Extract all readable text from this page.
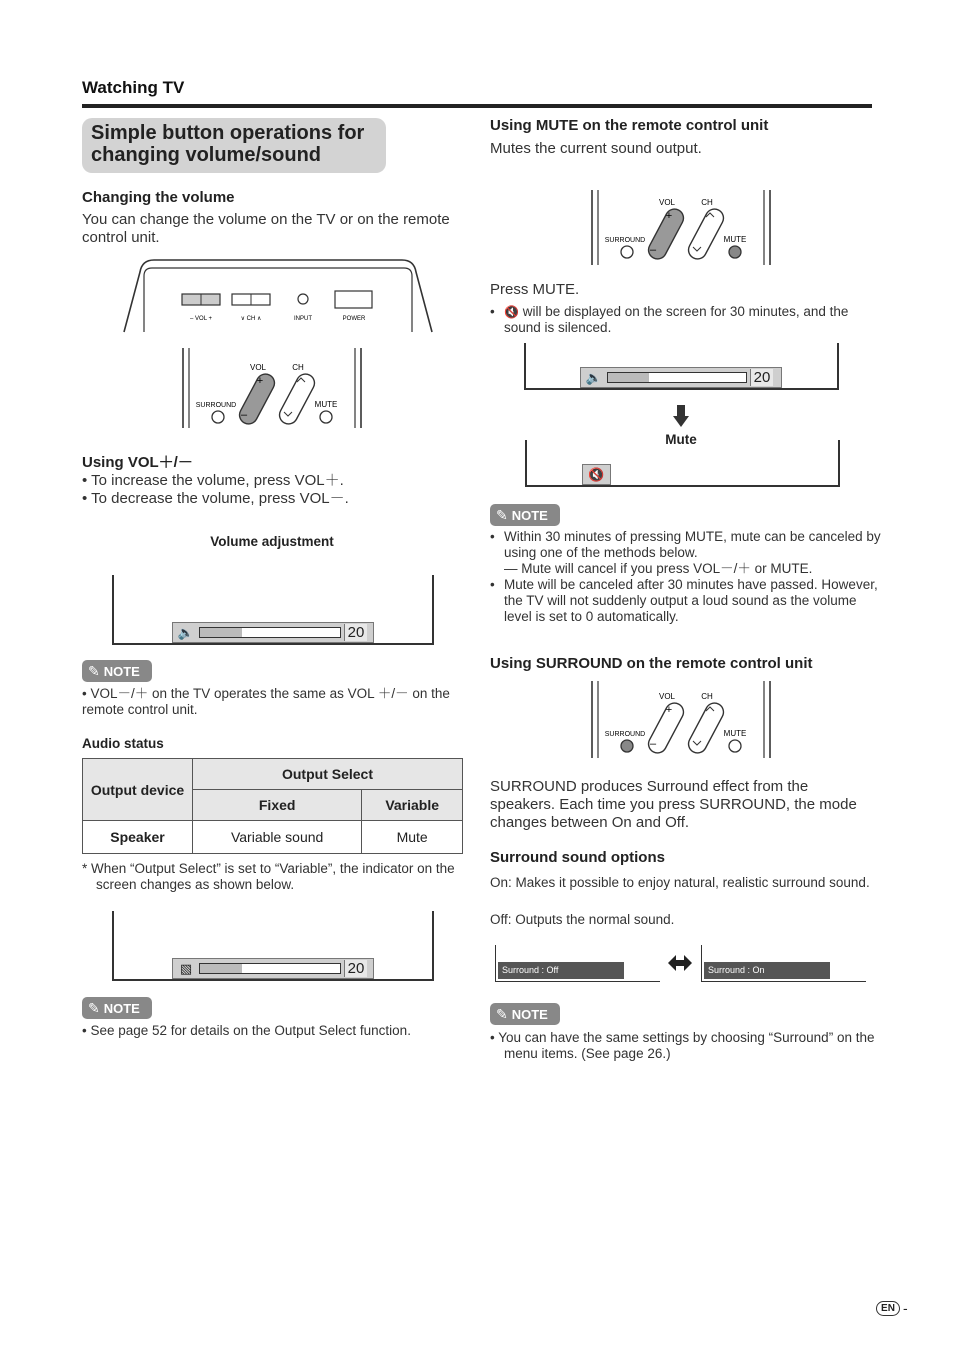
Watching TV
Simple button operations for
changing volume/sound
Changing the volume
You can change the volume on the TV or on the remote control unit.
– VOL +	∨ CH ∧	INPUT	POWER
VOL	CH
+
–
SURROUND	MUTE
Using VOL＋/－
• To increase the volume, press VOL＋.
• To decrease the volume, press VOL－.
Volume adjustment
🔈	20
✎ NOTE
• VOL－/＋ on the TV operates the same as VOL ＋/－ on the remote control unit.
Audio status
Output device	Output Select	
	Fixed	Variable
Speaker	Variable sound	Mute
* When “Output Select” is set to “Variable”, the indicator on the screen changes as shown below.
▧	20
✎ NOTE
• See page 52 for details on the Output Select function.
Using MUTE on the remote control unit
Mutes the current sound output.
VOL	CH
+
–
SURROUND	MUTE
Press MUTE.
• 🔇 will be displayed on the screen for 30 minutes, and the sound is silenced.
🔈	20
Mute
🔇
✎ NOTE
• Within 30 minutes of pressing MUTE, mute can be canceled by using one of the methods below.
— Mute will cancel if you press VOL－/＋ or MUTE.
• Mute will be canceled after 30 minutes have passed. However, the TV will not suddenly output a loud sound as the volume level is set to 0 automatically.
Using SURROUND on the remote control unit
VOL	CH
+
–
SURROUND	MUTE
SURROUND produces Surround effect from the speakers. Each time you press SURROUND, the mode changes between On and Off.
Surround sound options
On: Makes it possible to enjoy natural, realistic surround sound.
Off: Outputs the normal sound.
Surround : Off	Surround : On
✎ NOTE
• You can have the same settings by choosing “Surround” on the menu items. (See page 26.)
EN -
